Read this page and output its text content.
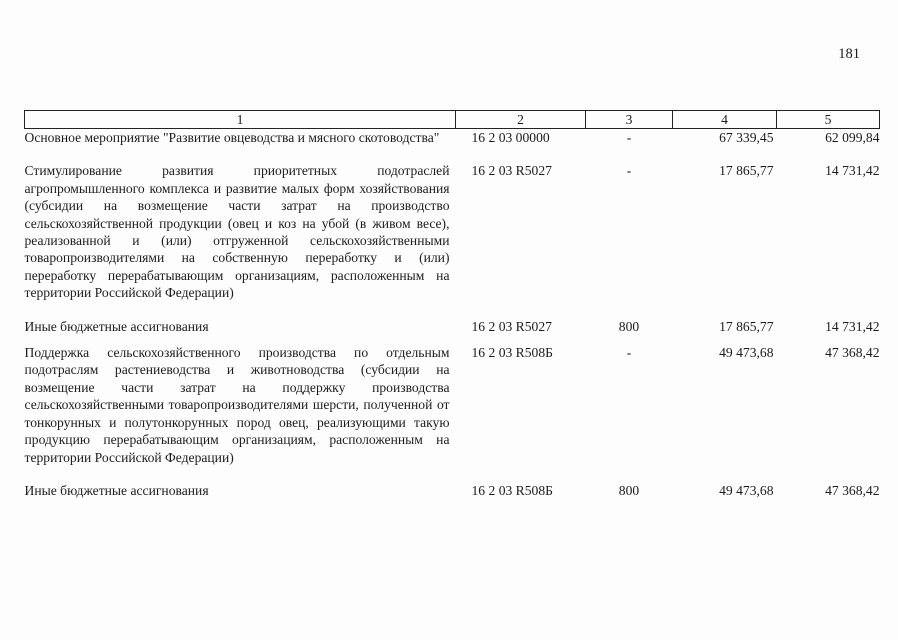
181
1	2	3	4	5
Основное мероприятие "Развитие овцеводства и мясного скотоводства"	16 2 03 00000	-	67 339,45	62 099,84
Стимулирование развития приоритетных подотраслей агропромышленного комплекса и развитие малых форм хозяйствования (субсидии на возмещение части затрат на производство сельскохозяйственной продукции (овец и коз на убой (в живом весе), реализованной и (или) отгруженной сельскохозяйственными товаропроизводителями на собственную переработку и (или) переработку перерабатывающим организациям, расположенным на территории Российской Федерации)	16 2 03 R5027	-	17 865,77	14 731,42
Иные бюджетные ассигнования	16 2 03 R5027	800	17 865,77	14 731,42
Поддержка сельскохозяйственного производства по отдельным подотраслям растениеводства и животноводства (субсидии на возмещение части затрат на поддержку производства сельскохозяйственными товаропроизводителями шерсти, полученной от тонкорунных и полутонкорунных пород овец, реализующими такую продукцию перерабатывающим организациям, расположенным на территории Российской Федерации)	16 2 03 R508Б	-	49 473,68	47 368,42
Иные бюджетные ассигнования	16 2 03 R508Б	800	49 473,68	47 368,42
